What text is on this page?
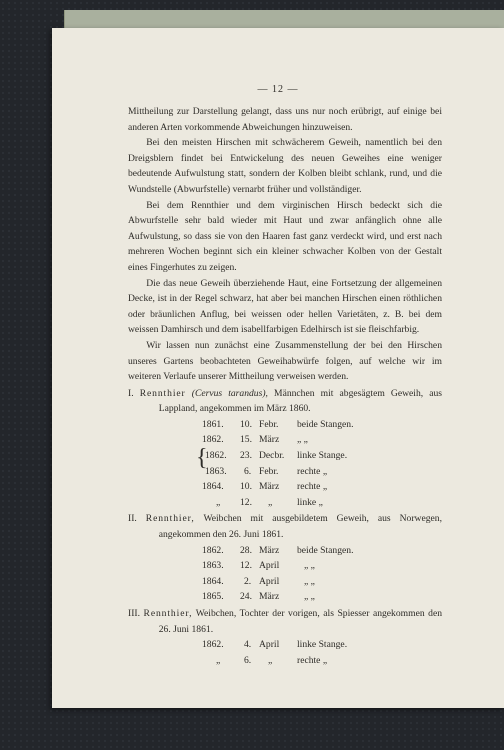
— 12 —

Mittheilung zur Darstellung gelangt, dass uns nur noch erübrigt, auf einige bei anderen Arten vorkommende Abweichungen hinzuweisen.

Bei den meisten Hirschen mit schwächerem Geweih, namentlich bei den Dreigsblern findet bei Entwickelung des neuen Geweihes eine weniger bedeutende Aufwulstung statt, sondern der Kolben bleibt schlank, rund, und die Wundstelle (Abwurfstelle) vernarbt früher und vollständiger.

Bei dem Rennthier und dem virginischen Hirsch bedeckt sich die Abwurfstelle sehr bald wieder mit Haut und zwar anfänglich ohne alle Aufwulstung, so dass sie von den Haaren fast ganz verdeckt wird, und erst nach mehreren Wochen beginnt sich ein kleiner schwacher Kolben von der Gestalt eines Fingerhutes zu zeigen.

Die das neue Geweih überziehende Haut, eine Fortsetzung der allgemeinen Decke, ist in der Regel schwarz, hat aber bei manchen Hirschen einen röthlichen oder bräunlichen Anflug, bei weissen oder hellen Varietäten, z. B. bei dem weissen Damhirsch und dem isabellfarbigen Edelhirsch ist sie fleischfarbig.

Wir lassen nun zunächst eine Zusammenstellung der bei den Hirschen unseres Gartens beobachteten Geweihabwürfe folgen, auf welche wir im weiteren Verlaufe unserer Mittheilung verweisen werden.

I. Rennthier (Cervus tarandus), Männchen mit abgesägtem Geweih, aus Lappland, angekommen im März 1860.

1861. 10. Febr. beide Stangen.
1862. 15. März „ „
{
1862. 23. Decbr. linke Stange.
1863. 6. Febr. rechte „
1864. 10. März rechte „
„ 12. „	linke „

II. Rennthier, Weibchen mit ausgebildetem Geweih, aus Norwegen, angekommen den 26. Juni 1861.

1862. 28. März beide Stangen.
1863. 12. April	„ „
1864. 2. April	„ „
1865. 24. März	„ „

III. Rennthier, Weibchen, Tochter der vorigen, als Spiesser angekommen den 26. Juni 1861.

1862. 4. April linke Stange.
„ 6. „	rechte „
